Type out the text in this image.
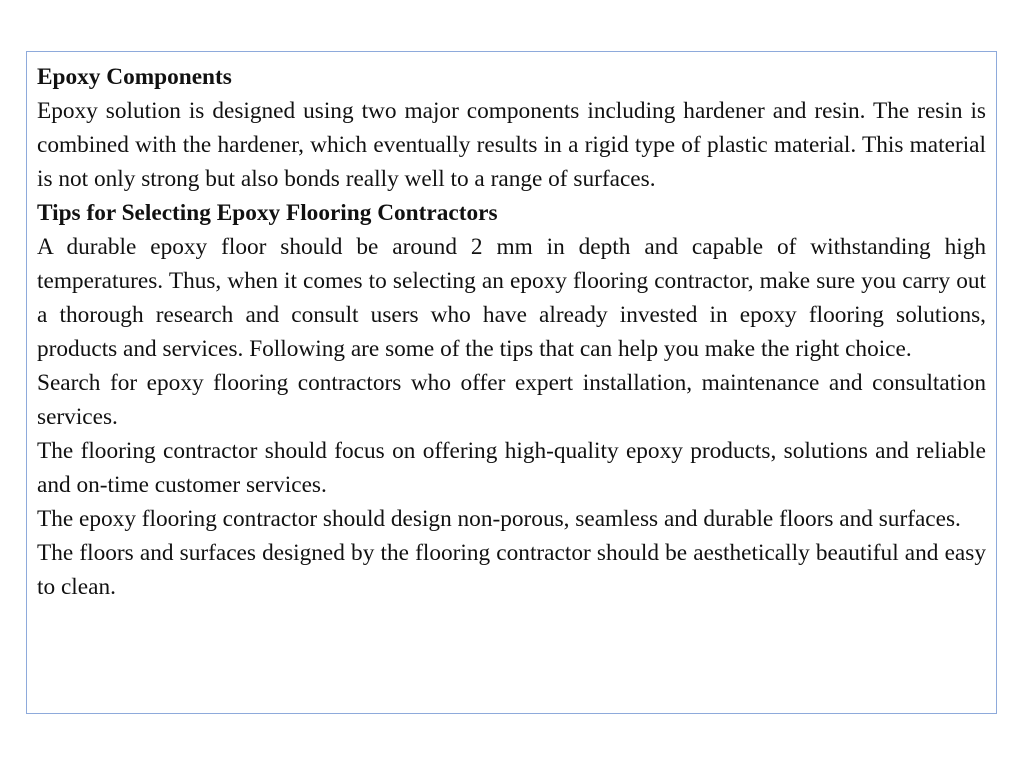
Epoxy Components

Epoxy solution is designed using two major components including hardener and resin. The resin is combined with the hardener, which eventually results in a rigid type of plastic material. This material is not only strong but also bonds really well to a range of surfaces.

Tips for Selecting Epoxy Flooring Contractors

A durable epoxy floor should be around 2 mm in depth and capable of withstanding high temperatures. Thus, when it comes to selecting an epoxy flooring contractor, make sure you carry out a thorough research and consult users who have already invested in epoxy flooring solutions, products and services. Following are some of the tips that can help you make the right choice.

Search for epoxy flooring contractors who offer expert installation, maintenance and consultation services.

The flooring contractor should focus on offering high-quality epoxy products, solutions and reliable and on-time customer services.

The epoxy flooring contractor should design non-porous, seamless and durable floors and surfaces.

The floors and surfaces designed by the flooring contractor should be aesthetically beautiful and easy to clean.
